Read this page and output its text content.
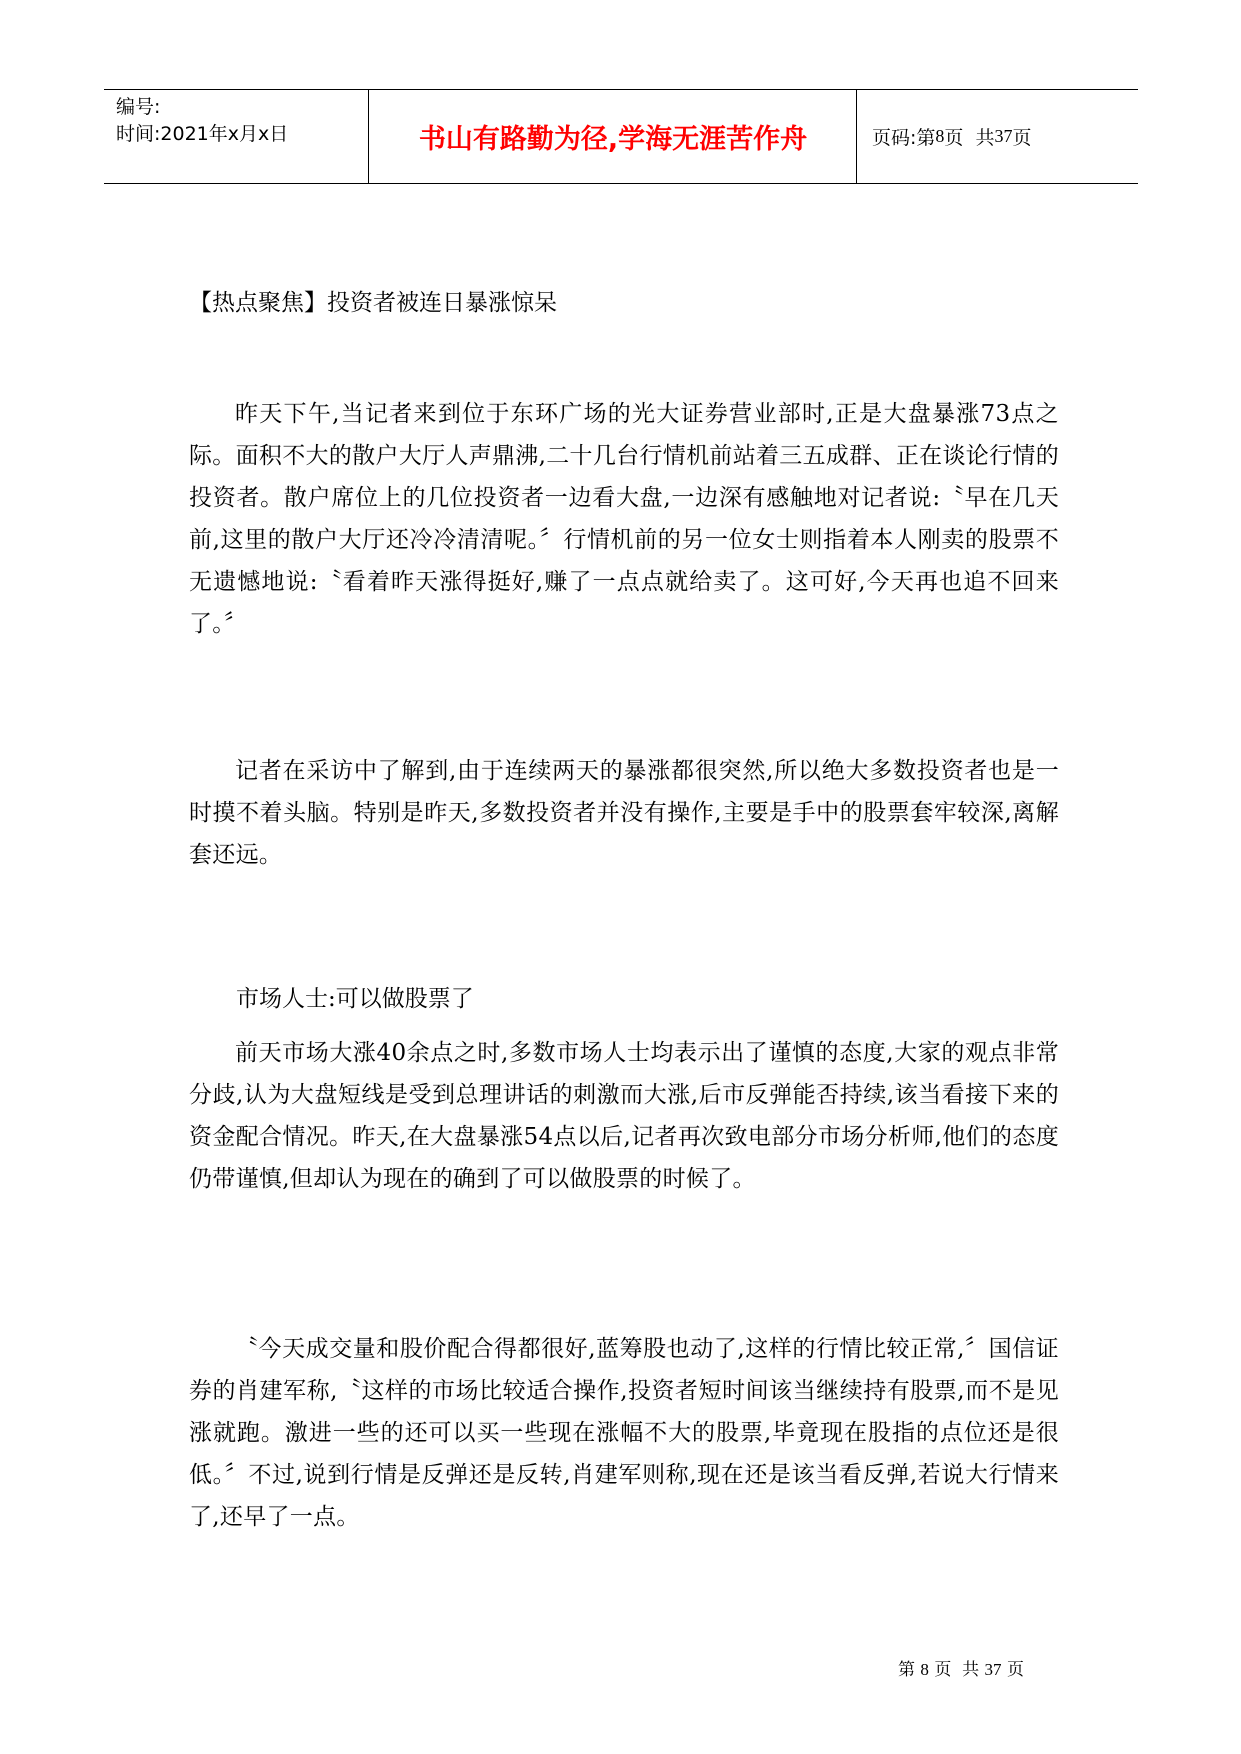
编号:
时间:2021年x月x日	书山有路勤为径,学海无涯苦作舟	页码:第 8 页  共 37 页
【热点聚焦】投资者被连日暴涨惊呆
昨天下午,当记者来到位于东环广场的光大证券营业部时,正是大盘暴涨73点之际。面积不大的散户大厅人声鼎沸,二十几台行情机前站着三五成群、正在谈论行情的投资者。散户席位上的几位投资者一边看大盘,一边深有感触地对记者说:〝早在几天前,这里的散户大厅还冷冷清清呢。〞行情机前的另一位女士则指着本人刚卖的股票不无遗憾地说:〝看着昨天涨得挺好,赚了一点点就给卖了。这可好,今天再也追不回来了。〞
记者在采访中了解到,由于连续两天的暴涨都很突然,所以绝大多数投资者也是一时摸不着头脑。特别是昨天,多数投资者并没有操作,主要是手中的股票套牢较深,离解套还远。
市场人士:可以做股票了
前天市场大涨40余点之时,多数市场人士均表示出了谨慎的态度,大家的观点非常分歧,认为大盘短线是受到总理讲话的刺激而大涨,后市反弹能否持续,该当看接下来的资金配合情况。昨天,在大盘暴涨54点以后,记者再次致电部分市场分析师,他们的态度仍带谨慎,但却认为现在的确到了可以做股票的时候了。
〝今天成交量和股价配合得都很好,蓝筹股也动了,这样的行情比较正常,〞国信证券的肖建军称,〝这样的市场比较适合操作,投资者短时间该当继续持有股票,而不是见涨就跑。激进一些的还可以买一些现在涨幅不大的股票,毕竟现在股指的点位还是很低。〞不过,说到行情是反弹还是反转,肖建军则称,现在还是该当看反弹,若说大行情来了,还早了一点。
第 8 页  共 37 页
